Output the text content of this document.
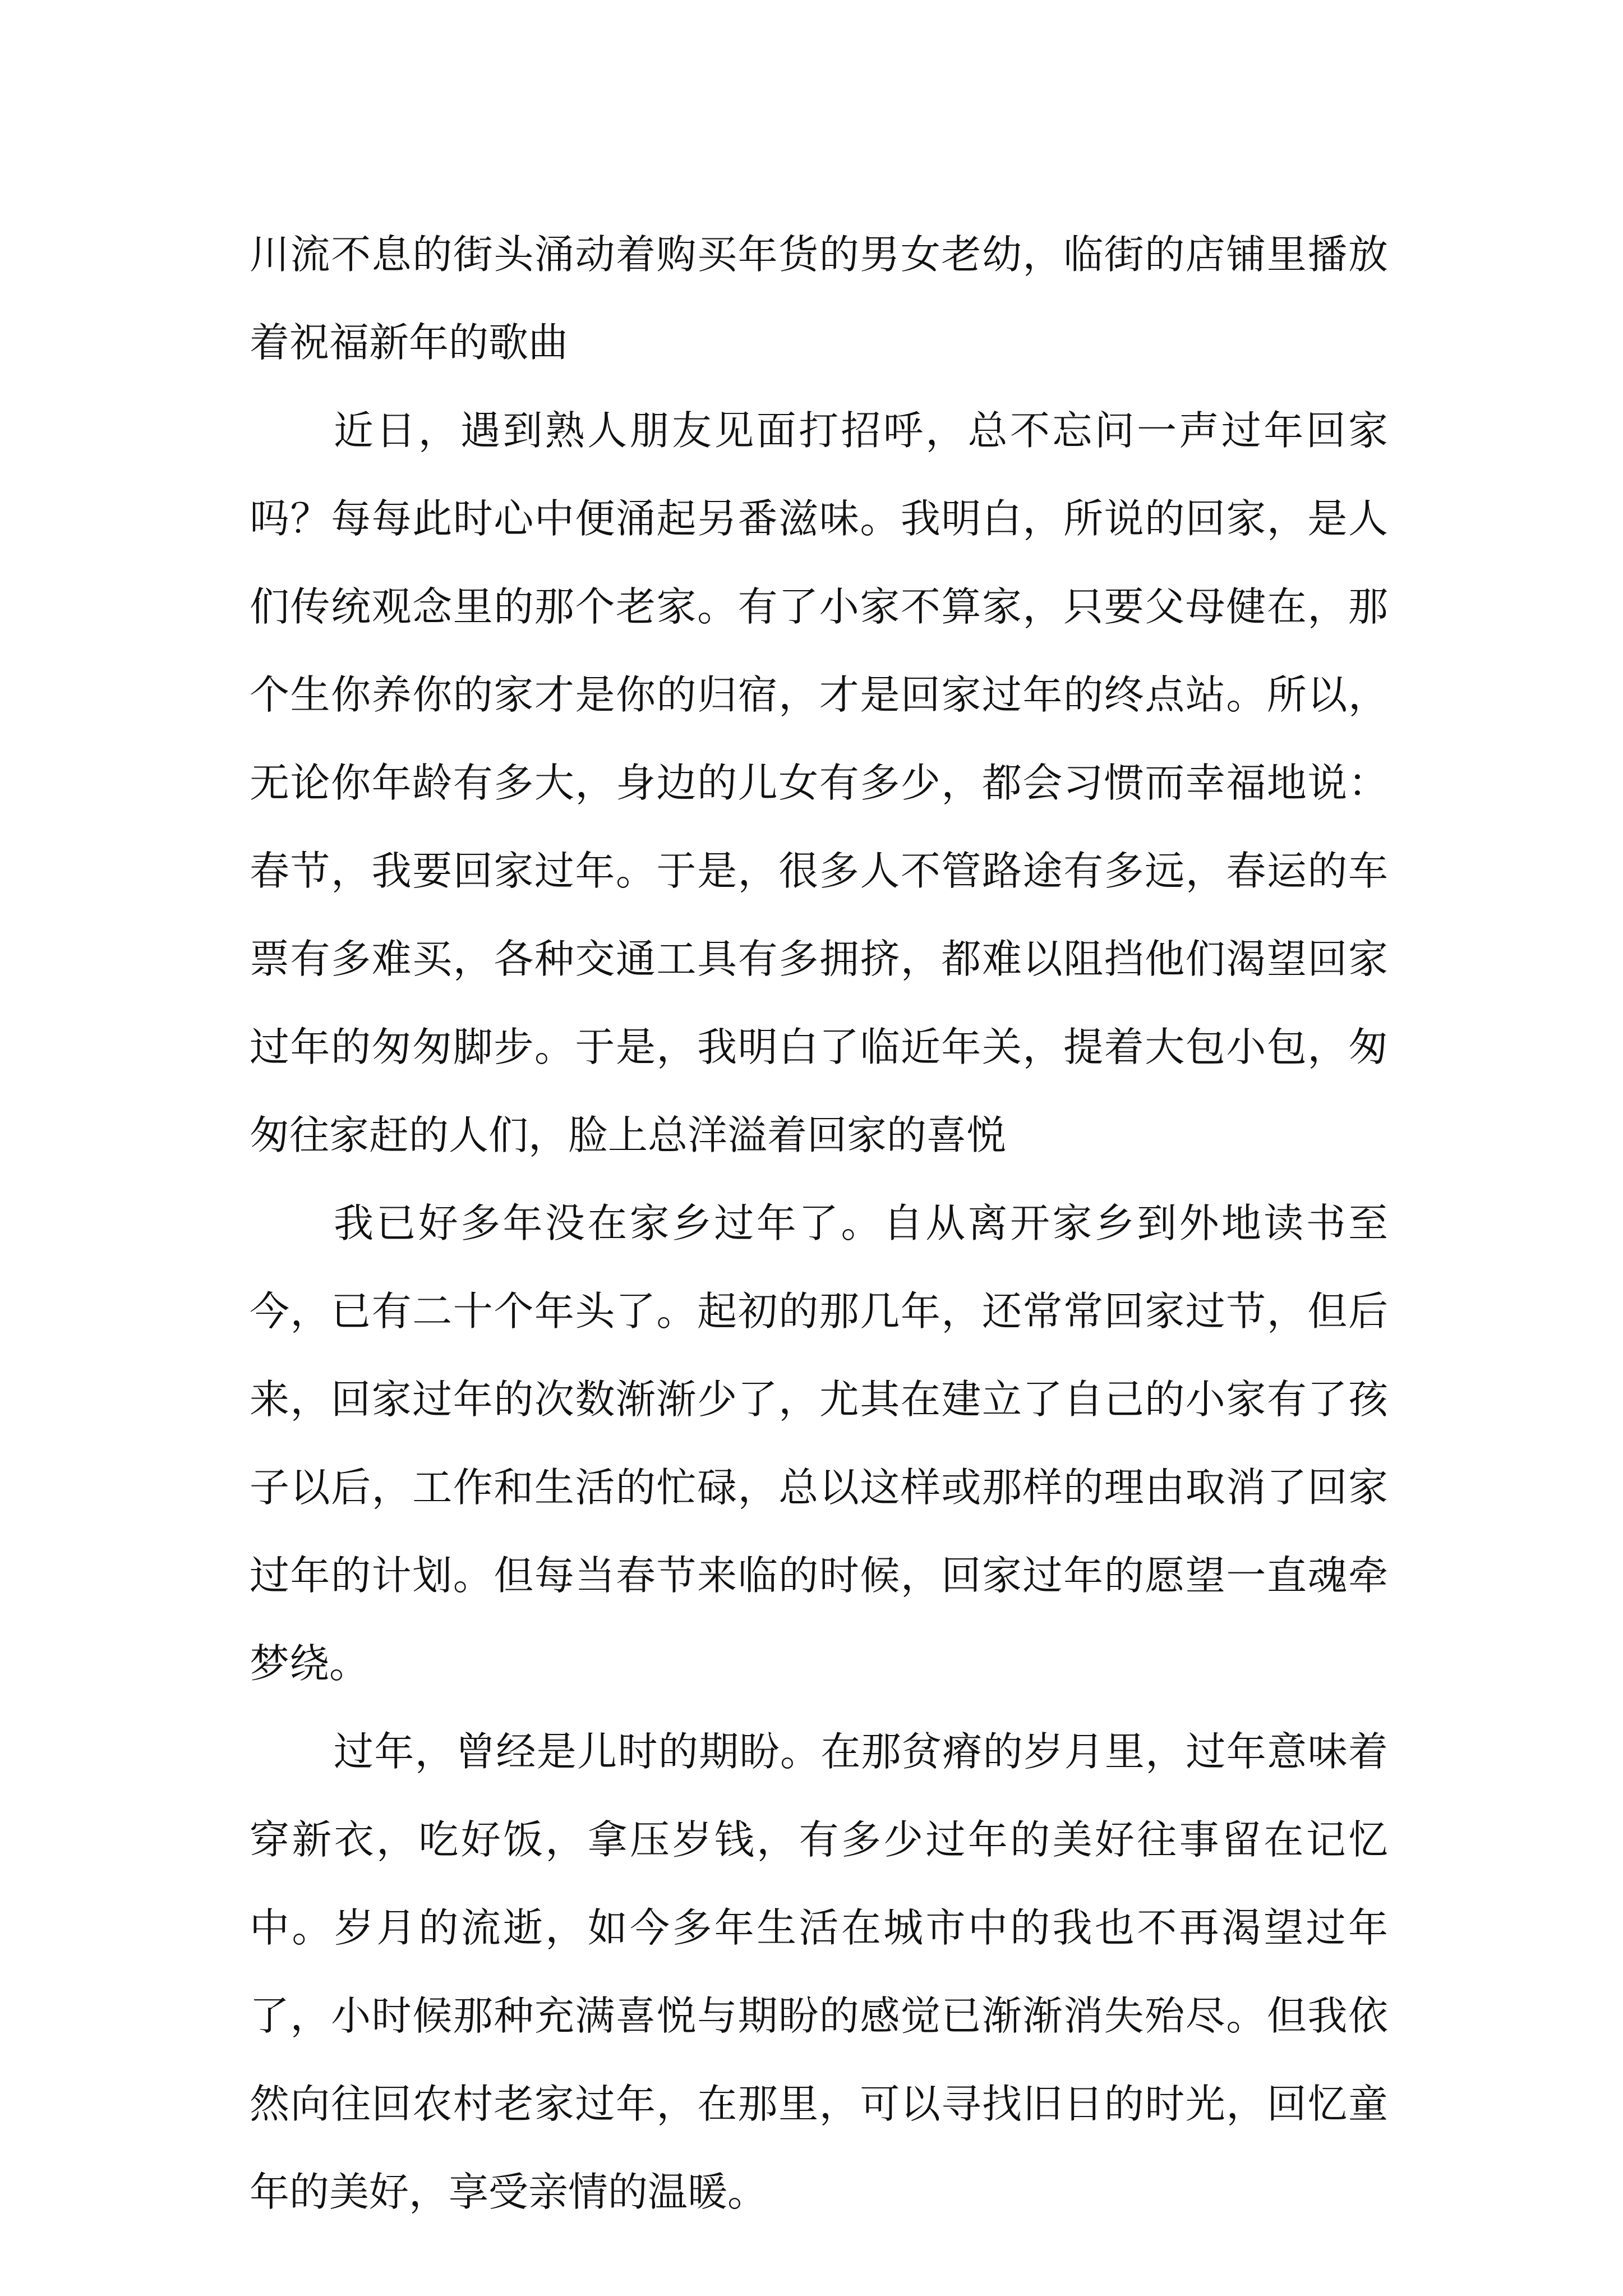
川流不息的街头涌动着购买年货的男女老幼，临街的店铺里播放着祝福新年的歌曲

近日，遇到熟人朋友见面打招呼，总不忘问一声过年回家吗？每每此时心中便涌起另番滋味。我明白，所说的回家，是人们传统观念里的那个老家。有了小家不算家，只要父母健在，那个生你养你的家才是你的归宿，才是回家过年的终点站。所以，无论你年龄有多大，身边的儿女有多少，都会习惯而幸福地说：春节，我要回家过年。于是，很多人不管路途有多远，春运的车票有多难买，各种交通工具有多拥挤，都难以阻挡他们渴望回家过年的匆匆脚步。于是，我明白了临近年关，提着大包小包，匆匆往家赶的人们，脸上总洋溢着回家的喜悦

我已好多年没在家乡过年了。自从离开家乡到外地读书至今，已有二十个年头了。起初的那几年，还常常回家过节，但后来，回家过年的次数渐渐少了，尤其在建立了自己的小家有了孩子以后，工作和生活的忙碌，总以这样或那样的理由取消了回家过年的计划。但每当春节来临的时候，回家过年的愿望一直魂牵梦绕。

过年，曾经是儿时的期盼。在那贫瘠的岁月里，过年意味着穿新衣，吃好饭，拿压岁钱，有多少过年的美好往事留在记忆中。岁月的流逝，如今多年生活在城市中的我也不再渴望过年了，小时候那种充满喜悦与期盼的感觉已渐渐消失殆尽。但我依然向往回农村老家过年，在那里，可以寻找旧日的时光，回忆童年的美好，享受亲情的温暖。
